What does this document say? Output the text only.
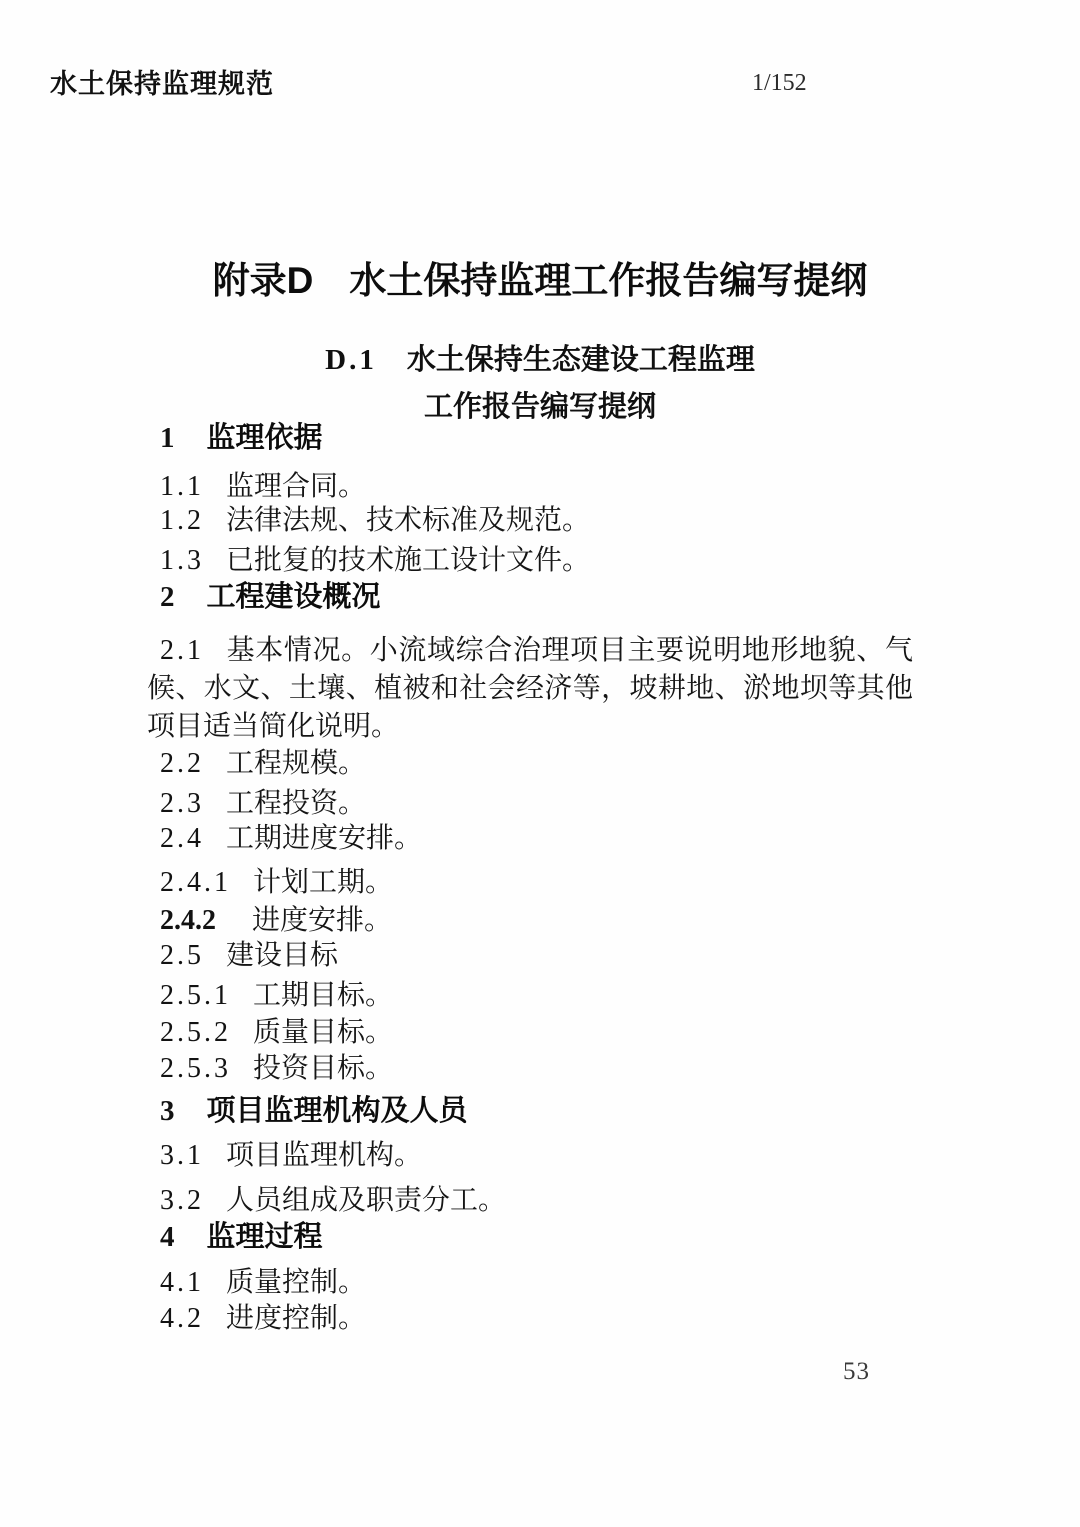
水土保持监理规范	1/152
附录D 水土保持监理工作报告编写提纲
D.1 水土保持生态建设工程监理
工作报告编写提纲
1 监理依据
1.1 监理合同。
1.2 法律法规、技术标准及规范。
1.3 已批复的技术施工设计文件。
2 工程建设概况
2.1 基本情况。小流域综合治理项目主要说明地形地貌、气候、水文、土壤、植被和社会经济等，坡耕地、淤地坝等其他项目适当简化说明。
2.2 工程规模。
2.3 工程投资。
2.4 工期进度安排。
2.4.1 计划工期。
2.4.2 进度安排。
2.5 建设目标
2.5.1 工期目标。
2.5.2 质量目标。
2.5.3 投资目标。
3 项目监理机构及人员
3.1 项目监理机构。
3.2 人员组成及职责分工。
4 监理过程
4.1 质量控制。
4.2 进度控制。
53
